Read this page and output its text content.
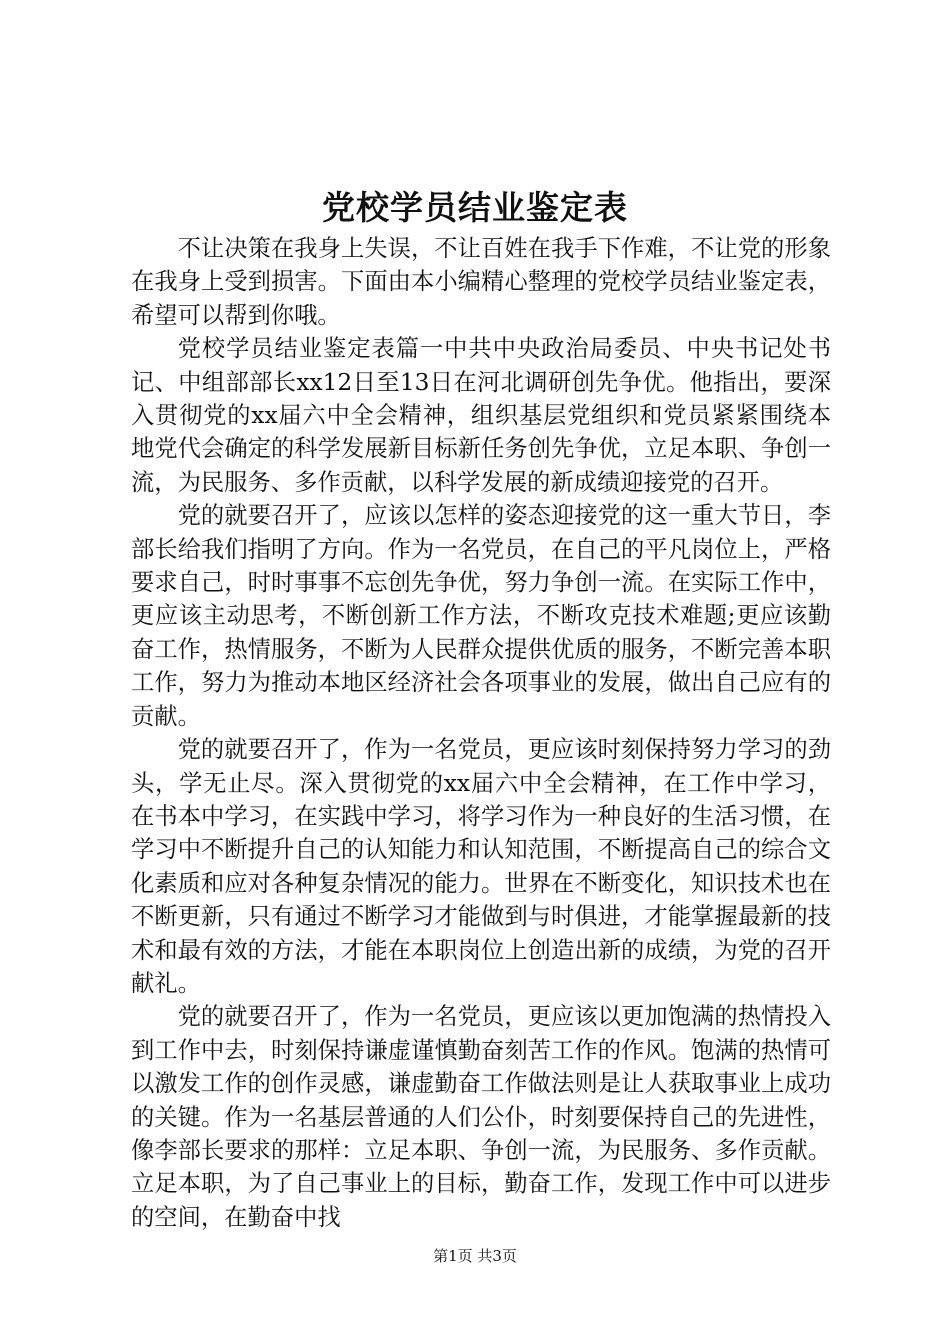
党校学员结业鉴定表

不让决策在我身上失误，不让百姓在我手下作难，不让党的形象在我身上受到损害。下面由本小编精心整理的党校学员结业鉴定表，希望可以帮到你哦。

党校学员结业鉴定表篇一中共中央政治局委员、中央书记处书记、中组部部长xx12日至13日在河北调研创先争优。他指出，要深入贯彻党的xx届六中全会精神，组织基层党组织和党员紧紧围绕本地党代会确定的科学发展新目标新任务创先争优，立足本职、争创一流，为民服务、多作贡献，以科学发展的新成绩迎接党的召开。

党的就要召开了，应该以怎样的姿态迎接党的这一重大节日，李部长给我们指明了方向。作为一名党员，在自己的平凡岗位上，严格要求自己，时时事事不忘创先争优，努力争创一流。在实际工作中，更应该主动思考，不断创新工作方法，不断攻克技术难题;更应该勤奋工作，热情服务，不断为人民群众提供优质的服务，不断完善本职工作，努力为推动本地区经济社会各项事业的发展，做出自己应有的贡献。

党的就要召开了，作为一名党员，更应该时刻保持努力学习的劲头，学无止尽。深入贯彻党的xx届六中全会精神，在工作中学习，在书本中学习，在实践中学习，将学习作为一种良好的生活习惯，在学习中不断提升自己的认知能力和认知范围，不断提高自己的综合文化素质和应对各种复杂情况的能力。世界在不断变化，知识技术也在不断更新，只有通过不断学习才能做到与时俱进，才能掌握最新的技术和最有效的方法，才能在本职岗位上创造出新的成绩，为党的召开献礼。

党的就要召开了，作为一名党员，更应该以更加饱满的热情投入到工作中去，时刻保持谦虚谨慎勤奋刻苦工作的作风。饱满的热情可以激发工作的创作灵感，谦虚勤奋工作做法则是让人获取事业上成功的关键。作为一名基层普通的人们公仆，时刻要保持自己的先进性，像李部长要求的那样：立足本职、争创一流，为民服务、多作贡献。立足本职，为了自己事业上的目标，勤奋工作，发现工作中可以进步的空间，在勤奋中找

第1页 共3页
